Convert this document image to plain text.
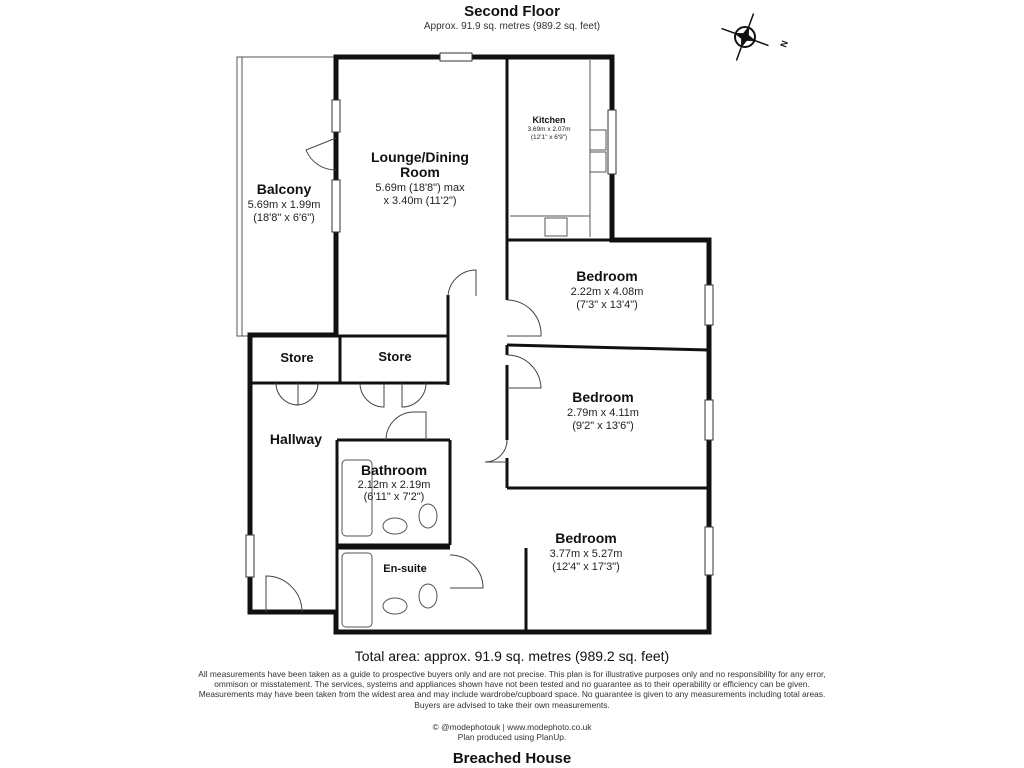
Second Floor
Approx. 91.9 sq. metres (989.2 sq. feet)
N
Balcony
5.69m x 1.99m
(18'8" x 6'6")
Lounge/Dining
Room
5.69m (18'8") max
x 3.40m (11'2")
Kitchen
3.69m x 2.07m
(12'1" x 6'9")
Bedroom
2.22m x 4.08m
(7'3" x 13'4")
Bedroom
2.79m x 4.11m
(9'2" x 13'6")
Bedroom
3.77m x 5.27m
(12'4" x 17'3")
Store	Store
Hallway
Bathroom
2.12m x 2.19m
(6'11" x 7'2")
En-suite
Total area: approx. 91.9 sq. metres (989.2 sq. feet)
All measurements have been taken as a guide to prospective buyers only and are not precise. This plan is for illustrative purposes only and no responsibility for any error,
ommison or misstatement. The services, systems and appliances shown have not been tested and no guarantee as to their operability or efficiency can be given.
Measurements may have been taken from the widest area and may include wardrobe/cupboard space. No guarantee is given to any measurements including total areas.
Buyers are advised to take their own measurements.
© @modephotouk | www.modephoto.co.uk
Plan produced using PlanUp.
Breached House
